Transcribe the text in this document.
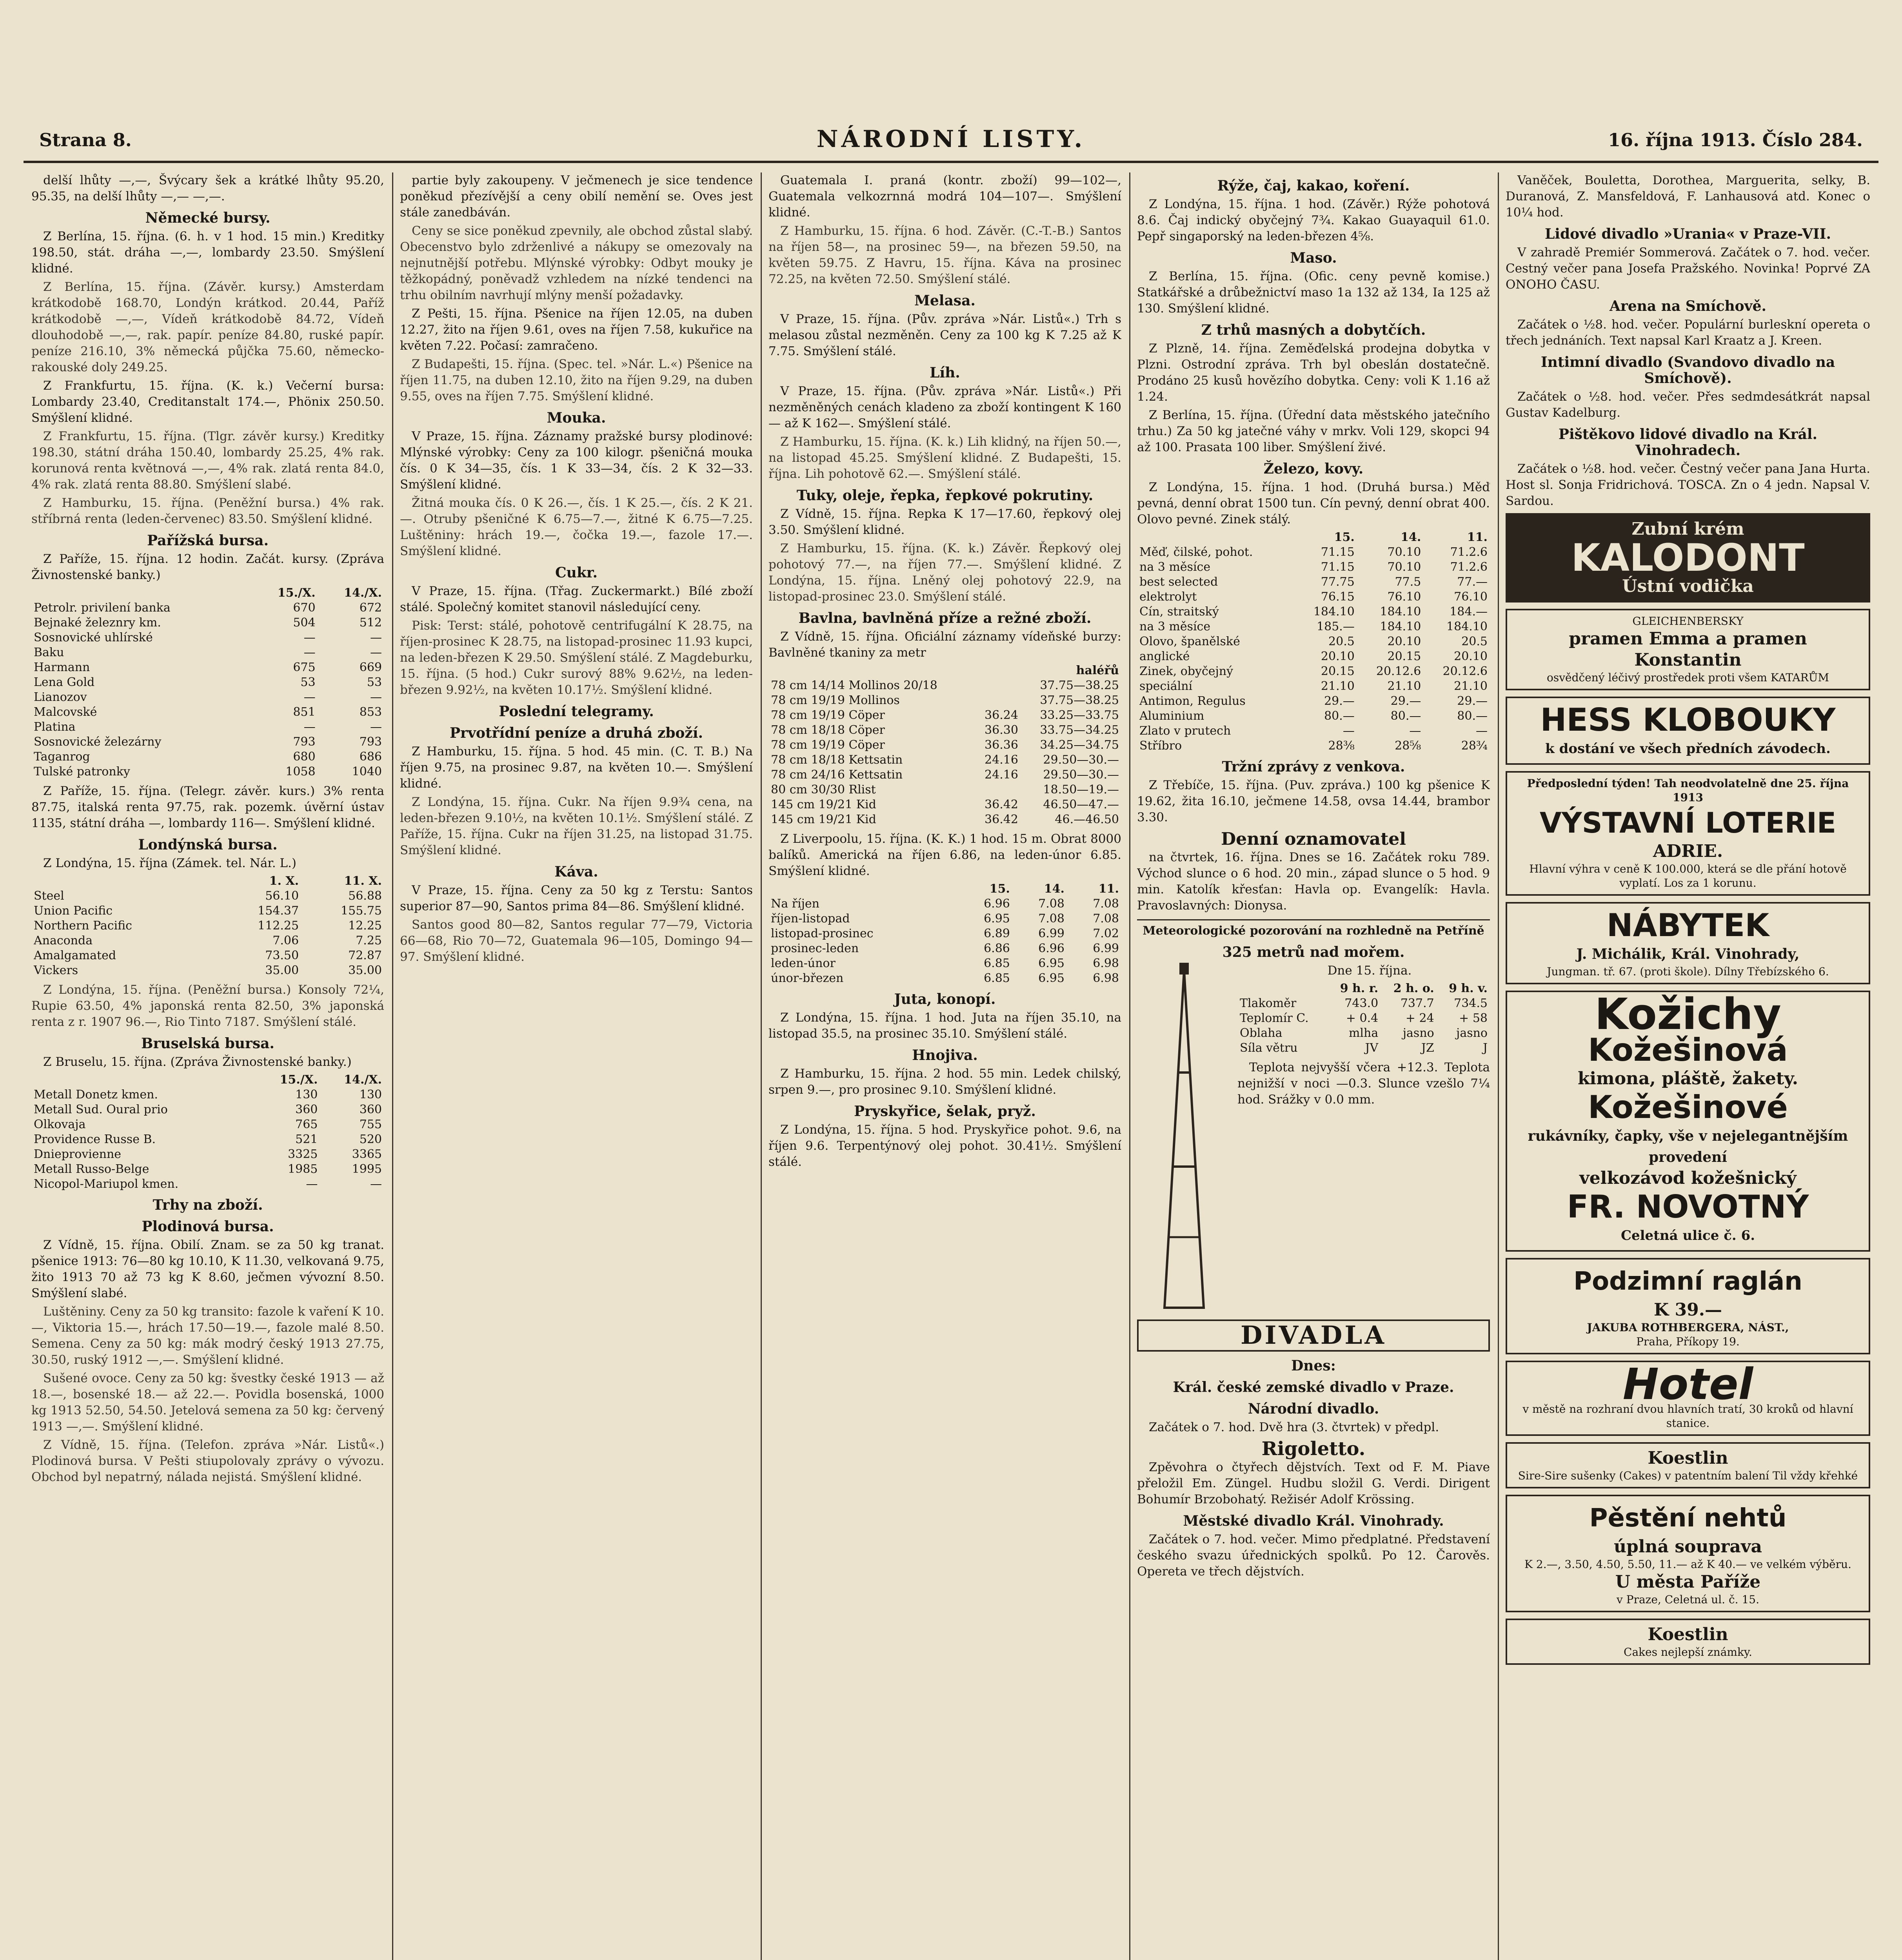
Strana 8.	NÁRODNÍ LISTY.	16. října 1913. Číslo 284.

delší lhůty —,—, Švýcary šek a krátké lhůty 95.20, 95.35, na delší lhůty —,— —,—.

Německé bursy.

Z Berlína, 15. října. (6. h. v 1 hod. 15 min.) Kreditky 198.50, stát. dráha —,—, lombardy 23.50. Smýšlení klidné.

Z Berlína, 15. října. (Závěr. kursy.) Amsterdam krátkodobě 168.70, Londýn krátkod. 20.44, Paříž krátkodobě —,—, Vídeň krátkodobě 84.72, Vídeň dlouhodobě —,—, rak. papír. peníze 84.80, ruské papír. peníze 216.10, 3% německá půjčka 75.60, německo-rakouské doly 249.25.

Z Frankfurtu, 15. října. (K. k.) Večerní bursa: Lombardy 23.40, Creditanstalt 174.—, Phönix 250.50. Smýšlení klidné.

Z Frankfurtu, 15. října. (Tlgr. závěr kursy.) Kreditky 198.30, státní dráha 150.40, lombardy 25.25, 4% rak. korunová renta květnová —,—, 4% rak. zlatá renta 84.0, 4% rak. zlatá renta 88.80. Smýšlení slabé.

Z Hamburku, 15. října. (Peněžní bursa.) 4% rak. stříbrná renta (leden-červenec) 83.50. Smýšlení klidné.

Pařížská bursa.

Z Paříže, 15. října. 12 hodin. Začát. kursy. (Zpráva Živnostenské banky.)

	15./X.	14./X.
Petrolr. privilení banka	670	672
Bejnaké železnry km.	504	512
Sosnovické uhlírské	—	—
Baku	—	—
Harmann	675	669
Lena Gold	53	53
Lianozov	—	—
Malcovské	851	853
Platina	—	—
Sosnovické železárny	793	793
Taganrog	680	686
Tulské patronky	1058	1040

Z Paříže, 15. října. (Telegr. závěr. kurs.) 3% renta 87.75, italská renta 97.75, rak. pozemk. úvěrní ústav 1135, státní dráha —, lombardy 116—. Smýšlení klidné.

Londýnská bursa.

Z Londýna, 15. října (Zámek. tel. Nár. L.)

	1. X.	11. X.
Steel	56.10	56.88
Union Pacific	154.37	155.75
Northern Pacific	112.25	12.25
Anaconda	7.06	7.25
Amalgamated	73.50	72.87
Vickers	35.00	35.00

Z Londýna, 15. října. (Peněžní bursa.) Konsoly 72¼, Rupie 63.50, 4% japonská renta 82.50, 3% japonská renta z r. 1907 96.—, Rio Tinto 7187. Smýšlení stálé.

Bruselská bursa.

Z Bruselu, 15. října. (Zpráva Živnostenské banky.)

	15./X.	14./X.
Metall Donetz kmen.	130	130
Metall Sud. Oural prio	360	360
Olkovaja	765	755
Providence Russe B.	521	520
Dnieprovienne	3325	3365
Metall Russo-Belge	1985	1995
Nicopol-Mariupol kmen.	—	—
Trhy na zboží.
Plodinová bursa.

Z Vídně, 15. října. Obilí. Znam. se za 50 kg tranat. pšenice 1913: 76—80 kg 10.10, K 11.30, velkovaná 9.75, žito 1913 70 až 73 kg K 8.60, ječmen vývozní 8.50. Smýšlení slabé.

Luštěniny. Ceny za 50 kg transito: fazole k vaření K 10.—, Viktoria 15.—, hrách 17.50—19.—, fazole malé 8.50. Semena. Ceny za 50 kg: mák modrý český 1913 27.75, 30.50, ruský 1912 —,—. Smýšlení klidné.

Sušené ovoce. Ceny za 50 kg: švestky české 1913 — až 18.—, bosenské 18.— až 22.—. Povidla bosenská, 1000 kg 1913 52.50, 54.50. Jetelová semena za 50 kg: červený 1913 —,—. Smýšlení klidné.

Z Vídně, 15. října. (Telefon. zpráva »Nár. Listů«.) Plodinová bursa. V Pešti stiupolovaly zprávy o vývozu. Obchod byl nepatrný, nálada nejistá. Smýšlení klidné.

partie byly zakoupeny. V ječmenech je sice tendence poněkud přezívější a ceny obilí nemění se. Oves jest stále zanedbáván.

Ceny se sice poněkud zpevnily, ale obchod zůstal slabý. Obecenstvo bylo zdrženlivé a nákupy se omezovaly na nejnutnější potřebu. Mlýnské výrobky: Odbyt mouky je těžkopádný, poněvadž vzhledem na nízké tendenci na trhu obilním navrhují mlýny menší požadavky.

Z Pešti, 15. října. Pšenice na říjen 12.05, na duben 12.27, žito na říjen 9.61, oves na říjen 7.58, kukuřice na květen 7.22. Počasí: zamračeno.

Z Budapešti, 15. října. (Spec. tel. »Nár. L.«) Pšenice na říjen 11.75, na duben 12.10, žito na říjen 9.29, na duben 9.55, oves na říjen 7.75. Smýšlení klidné.

Mouka.

V Praze, 15. října. Záznamy pražské bursy plodinové: Mlýnské výrobky: Ceny za 100 kilogr. pšeničná mouka čís. 0 K 34—35, čís. 1 K 33—34, čís. 2 K 32—33. Smýšlení klidné.

Žitná mouka čís. 0 K 26.—, čís. 1 K 25.—, čís. 2 K 21.—. Otruby pšeničné K 6.75—7.—, žitné K 6.75—7.25. Luštěniny: hrách 19.—, čočka 19.—, fazole 17.—. Smýšlení klidné.

Cukr.

V Praze, 15. října. (Třag. Zuckermarkt.) Bílé zboží stálé. Společný komitet stanovil následující ceny.

Pisk: Terst: stálé, pohotově centrifugální K 28.75, na říjen-prosinec K 28.75, na listopad-prosinec 11.93 kupci, na leden-březen K 29.50. Smýšlení stálé. Z Magdeburku, 15. října. (5 hod.) Cukr surový 88% 9.62½, na leden-březen 9.92½, na květen 10.17½. Smýšlení klidné.

Poslední telegramy.
Prvotřídní peníze a druhá zboží.

Z Hamburku, 15. října. 5 hod. 45 min. (C. T. B.) Na říjen 9.75, na prosinec 9.87, na květen 10.—. Smýšlení klidné.

Z Londýna, 15. října. Cukr. Na říjen 9.9¾ cena, na leden-březen 9.10½, na květen 10.1½. Smýšlení stálé. Z Paříže, 15. října. Cukr na říjen 31.25, na listopad 31.75. Smýšlení klidné.

Káva.

V Praze, 15. října. Ceny za 50 kg z Terstu: Santos superior 87—90, Santos prima 84—86. Smýšlení klidné.

Santos good 80—82, Santos regular 77—79, Victoria 66—68, Rio 70—72, Guatemala 96—105, Domingo 94—97. Smýšlení klidné.

Guatemala I. praná (kontr. zboží) 99—102—, Guatemala velkozrnná modrá 104—107—. Smýšlení klidné.

Z Hamburku, 15. října. 6 hod. Závěr. (C.-T.-B.) Santos na říjen 58—, na prosinec 59—, na březen 59.50, na květen 59.75. Z Havru, 15. října. Káva na prosinec 72.25, na květen 72.50. Smýšlení stálé.

Melasa.

V Praze, 15. října. (Pův. zpráva »Nár. Listů«.) Trh s melasou zůstal nezměněn. Ceny za 100 kg K 7.25 až K 7.75. Smýšlení stálé.

Líh.

V Praze, 15. října. (Pův. zpráva »Nár. Listů«.) Při nezměněných cenách kladeno za zboží kontingent K 160— až K 162—. Smýšlení stálé.

Z Hamburku, 15. října. (K. k.) Lih klidný, na říjen 50.—, na listopad 45.25. Smýšlení klidné. Z Budapešti, 15. října. Lih pohotově 62.—. Smýšlení stálé.

Tuky, oleje, řepka, řepkové pokrutiny.

Z Vídně, 15. října. Repka K 17—17.60, řepkový olej 3.50. Smýšlení klidné.

Z Hamburku, 15. října. (K. k.) Závěr. Řepkový olej pohotový 77.—, na říjen 77.—. Smýšlení klidné. Z Londýna, 15. října. Lněný olej pohotový 22.9, na listopad-prosinec 23.0. Smýšlení stálé.

Bavlna, bavlněná příze a režné zboží.

Z Vídně, 15. října. Oficiální záznamy vídeňské burzy: Bavlněné tkaniny za metr

		haléřů
78 cm 14/14 Mollinos 20/18		37.75—38.25
78 cm 19/19 Mollinos		37.75—38.25
78 cm 19/19 Cöper	36.24	33.25—33.75
78 cm 18/18 Cöper	36.30	33.75—34.25
78 cm 19/19 Cöper	36.36	34.25—34.75
78 cm 18/18 Kettsatin	24.16	29.50—30.—
78 cm 24/16 Kettsatin	24.16	29.50—30.—
80 cm 30/30 Rlist		18.50—19.—
145 cm 19/21 Kid	36.42	46.50—47.—
145 cm 19/21 Kid	36.42	46.—46.50

Z Liverpoolu, 15. října. (K. K.) 1 hod. 15 m. Obrat 8000 balíků. Americká na říjen 6.86, na leden-únor 6.85. Smýšlení klidné.

	15.	14.	11.
Na říjen	6.96	7.08	7.08
říjen-listopad	6.95	7.08	7.08
listopad-prosinec	6.89	6.99	7.02
prosinec-leden	6.86	6.96	6.99
leden-únor	6.85	6.95	6.98
únor-březen	6.85	6.95	6.98
Juta, konopí.

Z Londýna, 15. října. 1 hod. Juta na říjen 35.10, na listopad 35.5, na prosinec 35.10. Smýšlení stálé.

Hnojiva.

Z Hamburku, 15. října. 2 hod. 55 min. Ledek chilský, srpen 9.—, pro prosinec 9.10. Smýšlení klidné.

Pryskyřice, šelak, pryž.

Z Londýna, 15. října. 5 hod. Pryskyřice pohot. 9.6, na říjen 9.6. Terpentýnový olej pohot. 30.41½. Smýšlení stálé.

Rýže, čaj, kakao, koření.

Z Londýna, 15. října. 1 hod. (Závěr.) Rýže pohotová 8.6. Čaj indický obyčejný 7¾. Kakao Guayaquil 61.0. Pepř singaporský na leden-březen 4⅝.

Maso.

Z Berlína, 15. října. (Ofic. ceny pevně komise.) Statkářské a drůbežnictví maso 1a 132 až 134, Ia 125 až 130. Smýšlení klidné.

Z trhů masných a dobytčích.

Z Plzně, 14. října. Zeměďelská prodejna dobytka v Plzni. Ostrodní zpráva. Trh byl obeslán dostatečně. Prodáno 25 kusů hovězího dobytka. Ceny: voli K 1.16 až 1.24.

Z Berlína, 15. října. (Úřední data městského jatečního trhu.) Za 50 kg jatečné váhy v mrkv. Voli 129, skopci 94 až 100. Prasata 100 liber. Smýšlení živé.

Železo, kovy.

Z Londýna, 15. října. 1 hod. (Druhá bursa.) Měď pevná, denní obrat 1500 tun. Cín pevný, denní obrat 400. Olovo pevné. Zinek stálý.

	15.	14.	11.
Měď, čilské, pohot.	71.15	70.10	71.2.6
na 3 měsíce	71.15	70.10	71.2.6
best selected	77.75	77.5	77.—
elektrolyt	76.15	76.10	76.10
Cín, straitský	184.10	184.10	184.—
na 3 měsíce	185.—	184.10	184.10
Olovo, španělské	20.5	20.10	20.5
anglické	20.10	20.15	20.10
Zinek, obyčejný	20.15	20.12.6	20.12.6
speciální	21.10	21.10	21.10
Antimon, Regulus	29.—	29.—	29.—
Aluminium	80.—	80.—	80.—
Zlato v prutech	—	—	—
Stříbro	28⅜	28⅝	28¾
Tržní zprávy z venkova.

Z Třebíče, 15. října. (Puv. zpráva.) 100 kg pšenice K 19.62, žita 16.10, ječmene 14.58, ovsa 14.44, brambor 3.30.

Denní oznamovatel

na čtvrtek, 16. října. Dnes se 16. Začátek roku 789. Východ slunce o 6 hod. 20 min., západ slunce o 5 hod. 9 min. Katolík křesťan: Havla op. Evangelík: Havla. Pravoslavných: Dionysa.

Meteorologické pozorování na rozhledně na Petříně
325 metrů nad mořem.

Dne 15. října.

	9 h. r.	2 h. o.	9 h. v.
Tlakoměr	743.0	737.7	734.5
Teplomír C.	+ 0.4	+ 24	+ 58
Oblaha	mlha	jasno	jasno
Síla větru	JV	JZ	J

Teplota nejvyšší včera +12.3. Teplota nejnižší v noci —0.3. Slunce vzešlo 7¼ hod. Srážky v 0.0 mm.

DIVADLA
Dnes:
Král. české zemské divadlo v Praze.
Národní divadlo.

Začátek o 7. hod. Dvě hra (3. čtvrtek) v předpl.

Rigoletto.

Zpěvohra o čtyřech dějstvích. Text od F. M. Piave přeložil Em. Züngel. Hudbu složil G. Verdi. Dirigent Bohumír Brzobohatý. Režisér Adolf Krössing.

Městské divadlo Král. Vinohrady.

Začátek o 7. hod. večer. Mimo předplatné. Představení českého svazu úřednických spolků. Po 12. Čarověs. Opereta ve třech dějstvích.

Vaněček, Bouletta, Dorothea, Marguerita, selky, B. Duranová, Z. Mansfeldová, F. Lanhausová atd. Konec o 10¼ hod.

Lidové divadlo »Urania« v Praze-VII.

V zahradě Premiér Sommerová. Začátek o 7. hod. večer. Cestný večer pana Josefa Pražského. Novinka! Poprvé ZA ONOHO ČASU.

Arena na Smíchově.

Začátek o ½8. hod. večer. Populární burleskní opereta o třech jednáních. Text napsal Karl Kraatz a J. Kreen.

Intimní divadlo (Svandovo divadlo na Smíchově).

Začátek o ½8. hod. večer. Přes sedmdesátkrát napsal Gustav Kadelburg.

Pištěkovo lidové divadlo na Král. Vinohradech.

Začátek o ½8. hod. večer. Čestný večer pana Jana Hurta. Host sl. Sonja Fridrichová. TOSCA. Zn o 4 jedn. Napsal V. Sardou.

Zubní krém
KALODONT
Ústní vodička
GLEICHENBERSKY
pramen Emma a pramen Konstantin
osvědčený léčivý prostředek proti všem KATARŮM
HESS KLOBOUKY
k dostání ve všech předních závodech.
Předposlední týden! Tah neodvolatelně dne 25. října 1913
VÝSTAVNÍ LOTERIE
ADRIE.
Hlavní výhra v ceně K 100.000, která se dle přání hotově vyplatí. Los za 1 korunu.
NÁBYTEK
J. Michálik, Král. Vinohrady,
Jungman. tř. 67. (proti škole). Dílny Třebízského 6.
Kožichy
Kožešinová
kimona, pláště, žakety.
Kožešinové
rukávníky, čapky, vše v nejelegantnějším provedení
velkozávod kožešnický
FR. NOVOTNÝ
Celetná ulice č. 6.
Podzimní raglán
K 39.—
JAKUBA ROTHBERGERA, NÁST.,
Praha, Příkopy 19.
Hotel
v městě na rozhraní dvou hlavních tratí, 30 kroků od hlavní stanice.
Koestlin
Sire-Sire sušenky (Cakes) v patentním balení Til vždy křehké
Pěstění nehtů
úplná souprava
K 2.—, 3.50, 4.50, 5.50, 11.— až K 40.— ve velkém výběru.
U města Paříže
v Praze, Celetná ul. č. 15.
Koestlin
Cakes nejlepší známky.
